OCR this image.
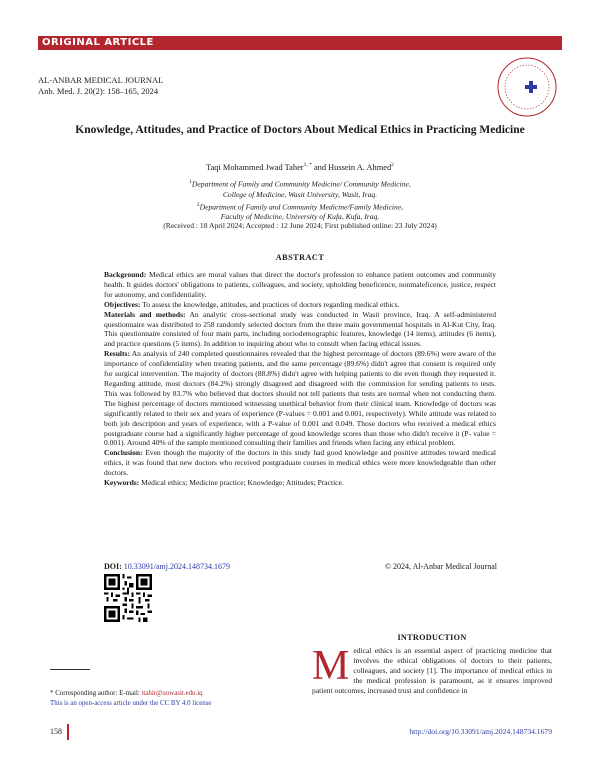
ORIGINAL ARTICLE
AL-ANBAR MEDICAL JOURNAL
Anb. Med. J. 20(2): 158–165, 2024
Knowledge, Attitudes, and Practice of Doctors About Medical Ethics in Practicing Medicine
Taqi Mohammed Jwad Taher$^{1, *}$ and Hussein A. Ahmed$^2$
$^1$Department of Family and Community Medicine/ Community Medicine,
College of Medicine, Wasit University, Wasit, Iraq.
$^2$Department of Family and Community Medicine/Family Medicine,
Faculty of Medicine, University of Kufa, Kufa, Iraq.
(Received : 18 April 2024; Accepted : 12 June 2024; First published online: 23 July 2024)
ABSTRACT

Background: Medical ethics are moral values that direct the doctor's profession to enhance patient outcomes and community health. It guides doctors' obligations to patients, colleagues, and society, upholding beneficence, nonmaleficence, justice, respect for autonomy, and confidentiality.

Objectives: To assess the knowledge, attitudes, and practices of doctors regarding medical ethics.

Materials and methods: An analytic cross-sectional study was conducted in Wasit province, Iraq. A self-administered questionnaire was distributed to 258 randomly selected doctors from the three main governmental hospitals in Al-Kut City, Iraq. This questionnaire consisted of four main parts, including sociodemographic features, knowledge (14 items), attitudes (6 items), and practice questions (5 items). In addition to inquiring about who to consult when facing ethical issues.

Results: An analysis of 240 completed questionnaires revealed that the highest percentage of doctors (89.6%) were aware of the importance of confidentiality when treating patients, and the same percentage (89.6%) didn't agree that consent is required only for surgical intervention. The majority of doctors (88.8%) didn't agree with helping patients to die even though they requested it. Regarding attitude, most doctors (84.2%) strongly disagreed and disagreed with the commission for sending patients to tests. This was followed by 83.7% who believed that doctors should not tell patients that tests are normal when not conducting them. The highest percentage of doctors mentioned witnessing unethical behavior from their clinical team. Knowledge of doctors was significantly related to their sex and years of experience (P-values = 0.001 and 0.001, respectively). While attitude was related to both job description and years of experience, with a P-value of 0.001 and 0.049. Those doctors who received a medical ethics postgraduate course had a significantly higher percentage of good knowledge scores than those who didn't receive it (P- value = 0.001). Around 40% of the sample mentioned consulting their families and friends when facing any ethical problem.

Conclusion: Even though the majority of the doctors in this study had good knowledge and positive attitudes toward medical ethics, it was found that new doctors who received postgraduate courses in medical ethics were more knowledgeable than other doctors.

Keywords: Medical ethics; Medicine practice; Knowledge; Attitudes; Practice.

DOI: 10.33091/amj.2024.148734.1679	© 2024, Al-Anbar Medical Journal
INTRODUCTION
Medical ethics is an essential aspect of practicing medicine that involves the ethical obligations of doctors to their patients, colleagues, and society [1]. The importance of medical ethics in the medical profession is paramount, as it ensures improved patient outcomes, increased trust and confidence in
* Corresponding author: E-mail: ttahir@uowasit.edu.iq
This is an open-access article under the CC BY 4.0 license
158	http://doi.org/10.33091/amj.2024.148734.1679
